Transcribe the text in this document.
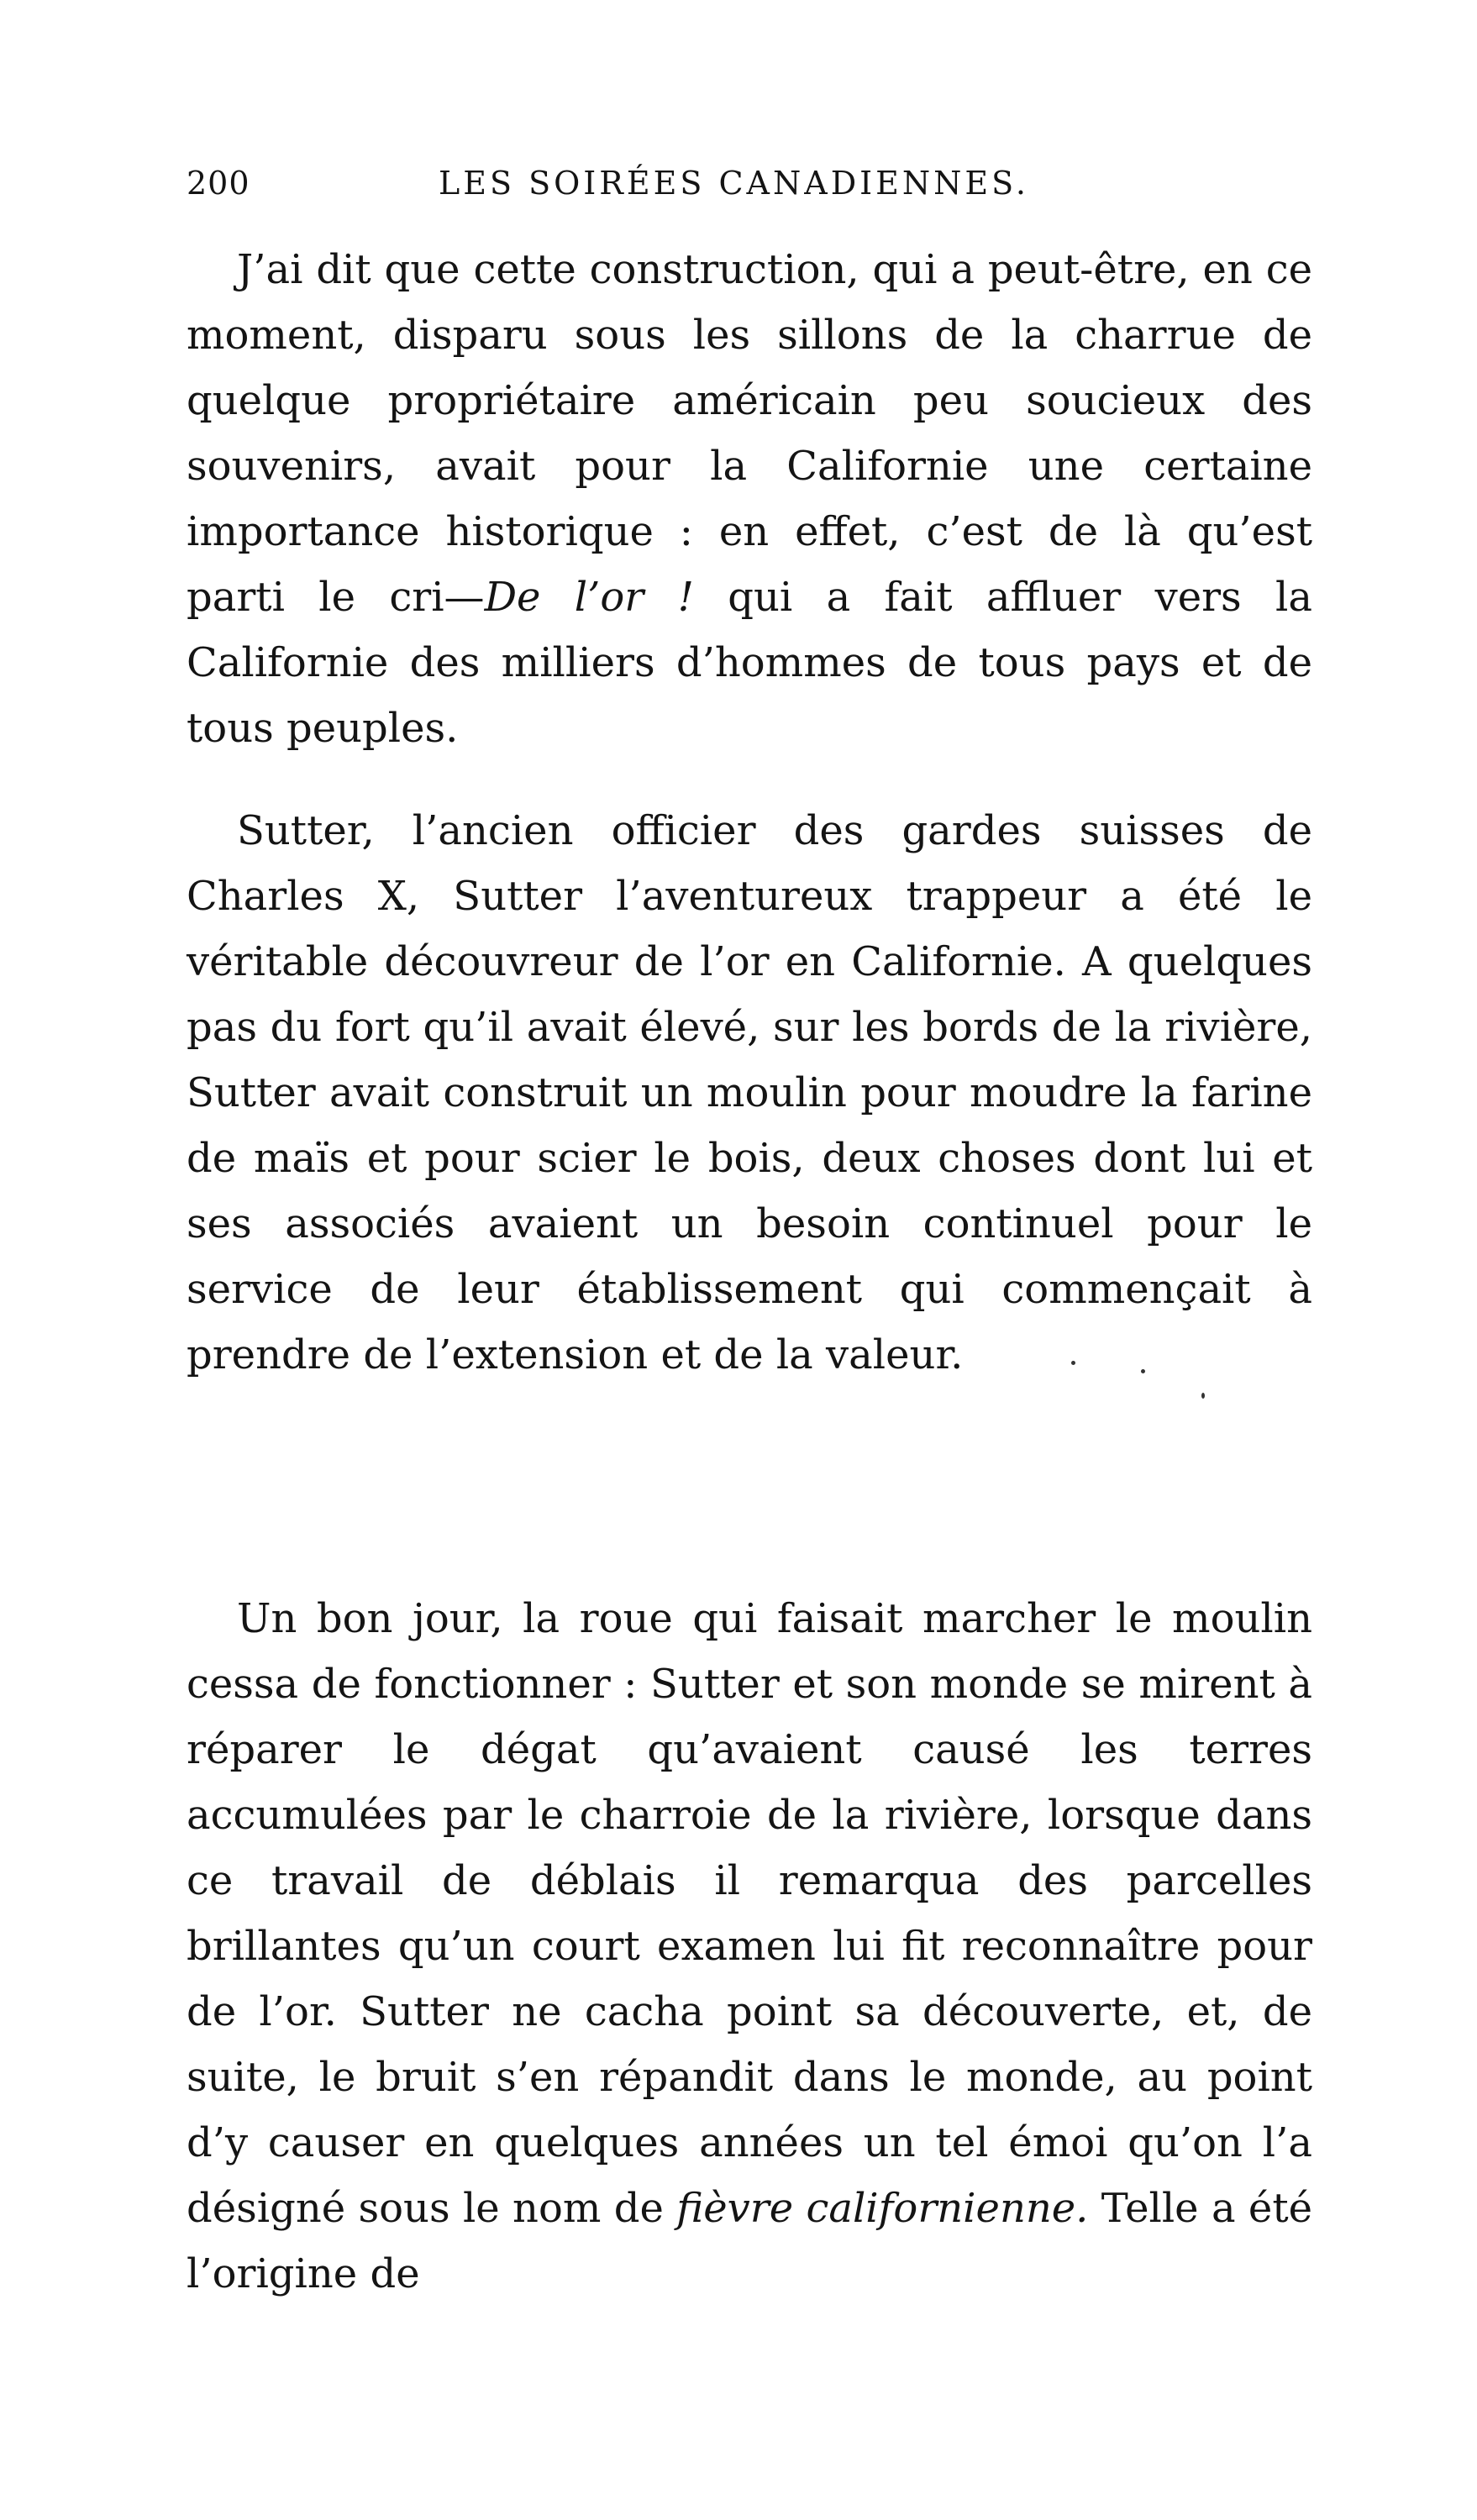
200	LES SOIRÉES CANADIENNES.

J’ai dit que cette construction, qui a peut-être, en ce moment, disparu sous les sillons de la charrue de quelque propriétaire américain peu soucieux des souvenirs, avait pour la Californie une certaine importance historique : en effet, c’est de là qu’est parti le cri—De l’or ! qui a fait affluer vers la Californie des milliers d’hommes de tous pays et de tous peuples.

Sutter, l’ancien officier des gardes suisses de Charles X, Sutter l’aventureux trappeur a été le véritable découvreur de l’or en Californie. A quelques pas du fort qu’il avait élevé, sur les bords de la rivière, Sutter avait construit un moulin pour moudre la farine de maïs et pour scier le bois, deux choses dont lui et ses associés avaient un besoin continuel pour le service de leur établissement qui commençait à prendre de l’extension et de la valeur.

Un bon jour, la roue qui faisait marcher le moulin cessa de fonctionner : Sutter et son monde se mirent à réparer le dégat qu’avaient causé les terres accumulées par le charroie de la rivière, lorsque dans ce travail de déblais il remarqua des parcelles brillantes qu’un court examen lui fit reconnaître pour de l’or. Sutter ne cacha point sa découverte, et, de suite, le bruit s’en répandit dans le monde, au point d’y causer en quelques années un tel émoi qu’on l’a désigné sous le nom de fièvre californienne. Telle a été l’origine de
